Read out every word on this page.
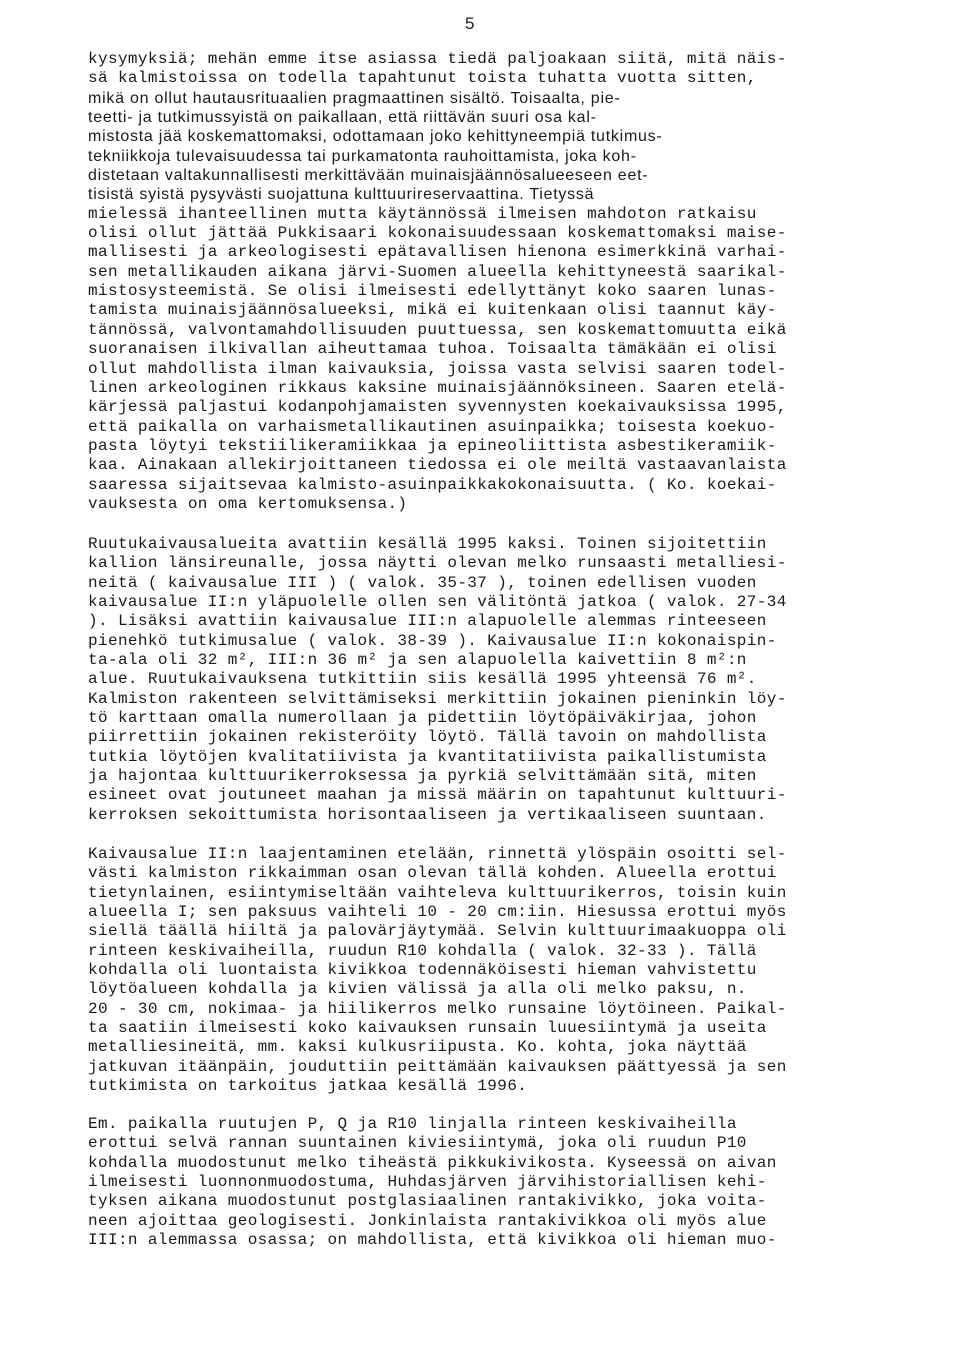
5
kysymyksiä; mehän emme itse asiassa tiedä paljoakaan siitä, mitä näis-
sä kalmistoissa on todella tapahtunut toista tuhatta vuotta sitten,
mikä on ollut hautausrituaalien pragmaattinen sisältö. Toisaalta, pie-
teetti- ja tutkimussyistä on paikallaan, että riittävän suuri osa kal-
mistosta jää koskemattomaksi, odottamaan joko kehittyneempiä tutkimus-
tekniikkoja tulevaisuudessa tai purkamatonta rauhoittamista, joka koh-
distetaan valtakunnallisesti merkittävään muinaisjäännösalueeseen eet-
tisistä syistä pysyvästi suojattuna kulttuurireservaattina. Tietyssä
mielessä ihanteellinen mutta käytännössä ilmeisen mahdoton ratkaisu
olisi ollut jättää Pukkisaari kokonaisuudessaan koskemattomaksi maise-
mallisesti ja arkeologisesti epätavallisen hienona esimerkkinä varhai-
sen metallikauden aikana järvi-Suomen alueella kehittyneestä saarikal-
mistosysteemistä. Se olisi ilmeisesti edellyttänyt koko saaren lunas-
tamista muinaisjäännösalueeksi, mikä ei kuitenkaan olisi taannut käy-
tännössä, valvontamahdollisuuden puuttuessa, sen koskemattomuutta eikä
suoranaisen ilkivallan aiheuttamaa tuhoa. Toisaalta tämäkään ei olisi
ollut mahdollista ilman kaivauksia, joissa vasta selvisi saaren todel-
linen arkeologinen rikkaus kaksine muinaisjäännöksineen. Saaren etelä-
kärjessä paljastui kodanpohjamaisten syvennysten koekaivauksissa 1995,
että paikalla on varhaismetallikautinen asuinpaikka; toisesta koekuo-
pasta löytyi tekstiilikeramiikkaa ja epineoliittista asbestikeramiik-
kaa. Ainakaan allekirjoittaneen tiedossa ei ole meiltä vastaavanlaista
saaressa sijaitsevaa kalmisto-asuinpaikkakokonaisuutta. ( Ko. koekai-
vauksesta on oma kertomuksensa.)
Ruutukaivausalueita avattiin kesällä 1995 kaksi. Toinen sijoitettiin
kallion länsireunalle, jossa näytti olevan melko runsaasti metalliesi-
neitä ( kaivausalue III ) ( valok. 35-37 ), toinen edellisen vuoden
kaivausalue II:n yläpuolelle ollen sen välitöntä jatkoa ( valok. 27-34
). Lisäksi avattiin kaivausalue III:n alapuolelle alemmas rinteeseen
pienehkö tutkimusalue ( valok. 38-39 ). Kaivausalue II:n kokonaispin-
ta-ala oli 32 m², III:n 36 m² ja sen alapuolella kaivettiin 8 m²:n
alue. Ruutukaivauksena tutkittiin siis kesällä 1995 yhteensä 76 m².
Kalmiston rakenteen selvittämiseksi merkittiin jokainen pieninkin löy-
tö karttaan omalla numerollaan ja pidettiin löytöpäiväkirjaa, johon
piirrettiin jokainen rekisteröity löytö. Tällä tavoin on mahdollista
tutkia löytöjen kvalitatiivista ja kvantitatiivista paikallistumista
ja hajontaa kulttuurikerroksessa ja pyrkiä selvittämään sitä, miten
esineet ovat joutuneet maahan ja missä määrin on tapahtunut kulttuuri-
kerroksen sekoittumista horisontaaliseen ja vertikaaliseen suuntaan.
Kaivausalue II:n laajentaminen etelään, rinnettä ylöspäin osoitti sel-
västi kalmiston rikkaimman osan olevan tällä kohden. Alueella erottui
tietynlainen, esiintymiseltään vaihteleva kulttuurikerros, toisin kuin
alueella I; sen paksuus vaihteli 10 - 20 cm:iin. Hiesussa erottui myös
siellä täällä hiiltä ja palovärjäytymää. Selvin kulttuurimaakuoppa oli
rinteen keskivaiheilla, ruudun R10 kohdalla ( valok. 32-33 ). Tällä
kohdalla oli luontaista kivikkoa todennäköisesti hieman vahvistettu
löytöalueen kohdalla ja kivien välissä ja alla oli melko paksu, n.
20 - 30 cm, nokimaa- ja hiilikerros melko runsaine löytöineen. Paikal-
ta saatiin ilmeisesti koko kaivauksen runsain luuesiintymä ja useita
metalliesineitä, mm. kaksi kulkusriipusta. Ko. kohta, joka näyttää
jatkuvan itäänpäin, jouduttiin peittämään kaivauksen päättyessä ja sen
tutkimista on tarkoitus jatkaa kesällä 1996.
Em. paikalla ruutujen P, Q ja R10 linjalla rinteen keskivaiheilla
erottui selvä rannan suuntainen kiviesiintymä, joka oli ruudun P10
kohdalla muodostunut melko tiheästä pikkukivikosta. Kyseessä on aivan
ilmeisesti luonnonmuodostuma, Huhdasjärven järvihistoriallisen kehi-
tyksen aikana muodostunut postglasiaalinen rantakivikko, joka voita-
neen ajoittaa geologisesti. Jonkinlaista rantakivikkoa oli myös alue
III:n alemmassa osassa; on mahdollista, että kivikkoa oli hieman muo-
